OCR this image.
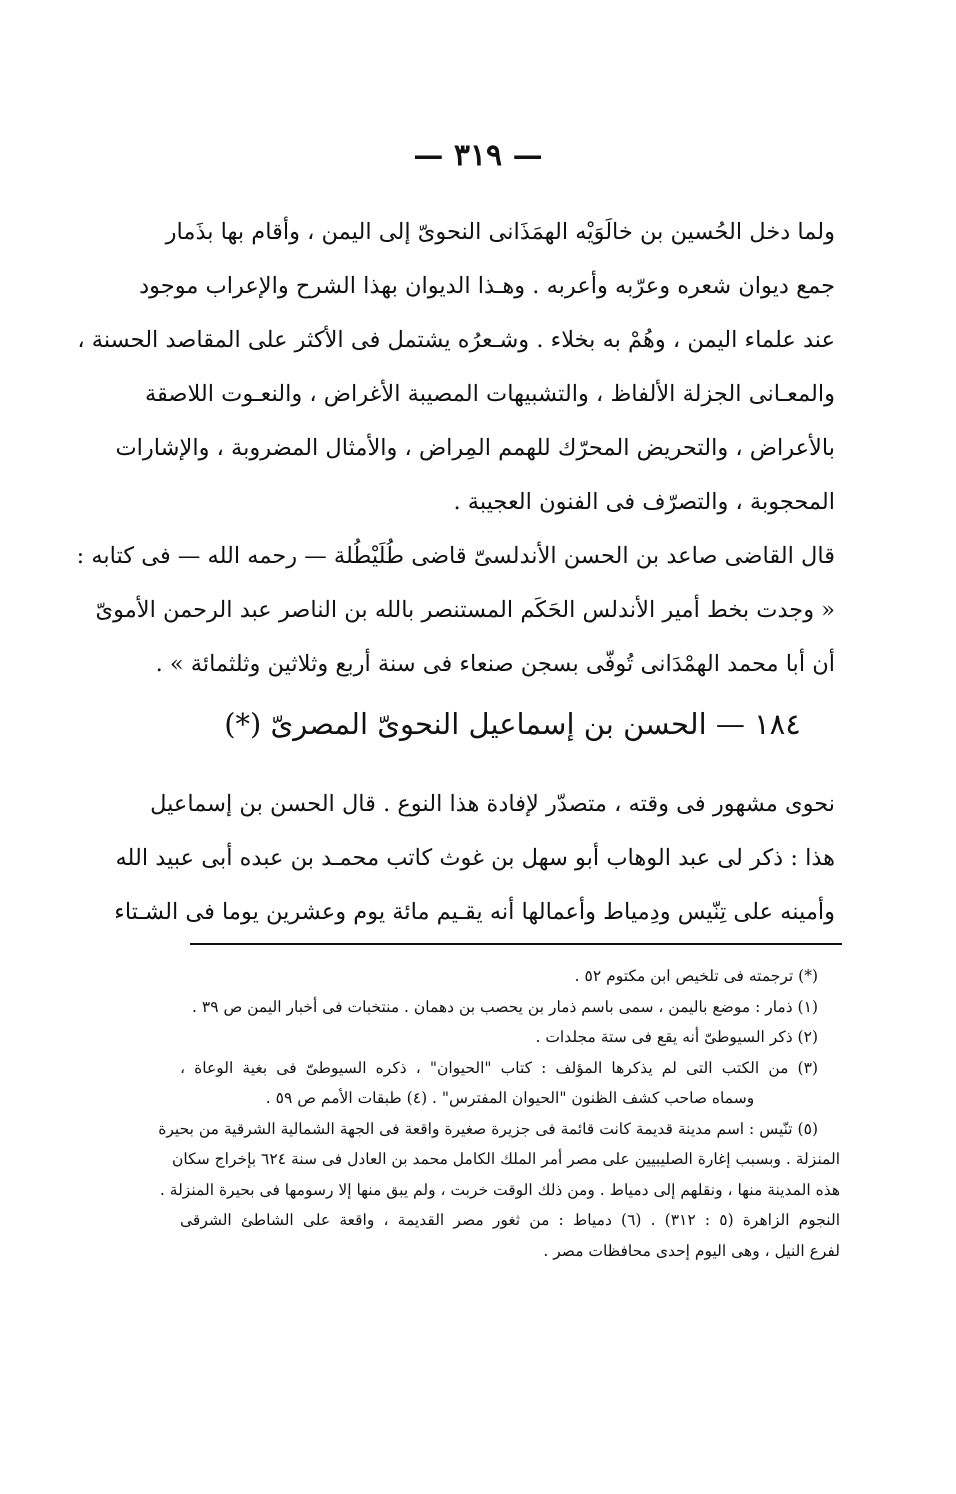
— ٣١٩ —
ولما دخل الحُسين بن خالَوَيْه الهمَذَانى النحوىّ إلى اليمن ، وأقام بها بذَمار
جمع ديوان شعره وعرّبه وأعربه . وهـذا الديوان بهذا الشرح والإعراب موجود
عند علماء اليمن ، وهُمْ به بخلاء . وشـعرُه يشتمل فى الأكثر على المقاصد الحسنة ،
والمعـانى الجزلة الألفاظ ، والتشبيهات المصيبة الأغراض ، والنعـوت اللاصقة
بالأعراض ، والتحريض المحرّك للهمم المِراض ، والأمثال المضروبة ، والإشارات
المحجوبة ، والتصرّف فى الفنون العجيبة .
قال القاضى صاعد بن الحسن الأندلسىّ قاضى طُلَيْطُلة — رحمه الله — فى كتابه :
« وجدت بخط أمير الأندلس الحَكَم المستنصر بالله بن الناصر عبد الرحمن الأموىّ
أن أبا محمد الهمْدَانى تُوفّى بسجن صنعاء فى سنة أربع وثلاثين وثلثمائة » .
١٨٤ — الحسن بن إسماعيل النحوىّ المصرىّ (*)
نحوى مشهور فى وقته ، متصدّر لإفادة هذا النوع . قال الحسن بن إسماعيل
هذا : ذكر لى عبد الوهاب أبو سهل بن غوث كاتب محمـد بن عبده أبى عبيد الله
وأمينه على تِنّيس ودِمياط وأعمالها أنه يقـيم مائة يوم وعشرين يوما فى الشـتاء
(*) ترجمته فى تلخيص ابن مكتوم ٥٢ .
(١) ذمار : موضع باليمن ، سمى باسم ذمار بن يحصب بن دهمان . منتخبات فى أخبار اليمن ص ٣٩ .
(٢) ذكر السيوطىّ أنه يقع فى ستة مجلدات .
(٣) من الكتب التى لم يذكرها المؤلف : كتاب "الحيوان" ، ذكره السيوطىّ فى بغية الوعاة ،
وسماه صاحب كشف الظنون "الحيوان المفترس" . (٤) طبقات الأمم ص ٥٩ .
(٥) تنّيس : اسم مدينة قديمة كانت قائمة فى جزيرة صغيرة واقعة فى الجهة الشمالية الشرقية من بحيرة
المنزلة . وبسبب إغارة الصليبيين على مصر أمر الملك الكامل محمد بن العادل فى سنة ٦٢٤ بإخراج سكان
هذه المدينة منها ، ونقلهم إلى دمياط . ومن ذلك الوقت خربت ، ولم يبق منها إلا رسومها فى بحيرة المنزلة .
النجوم الزاهرة (٥ : ٣١٢) . (٦) دمياط : من ثغور مصر القديمة ، واقعة على الشاطئ الشرقى
لفرع النيل ، وهى اليوم إحدى محافظات مصر .
